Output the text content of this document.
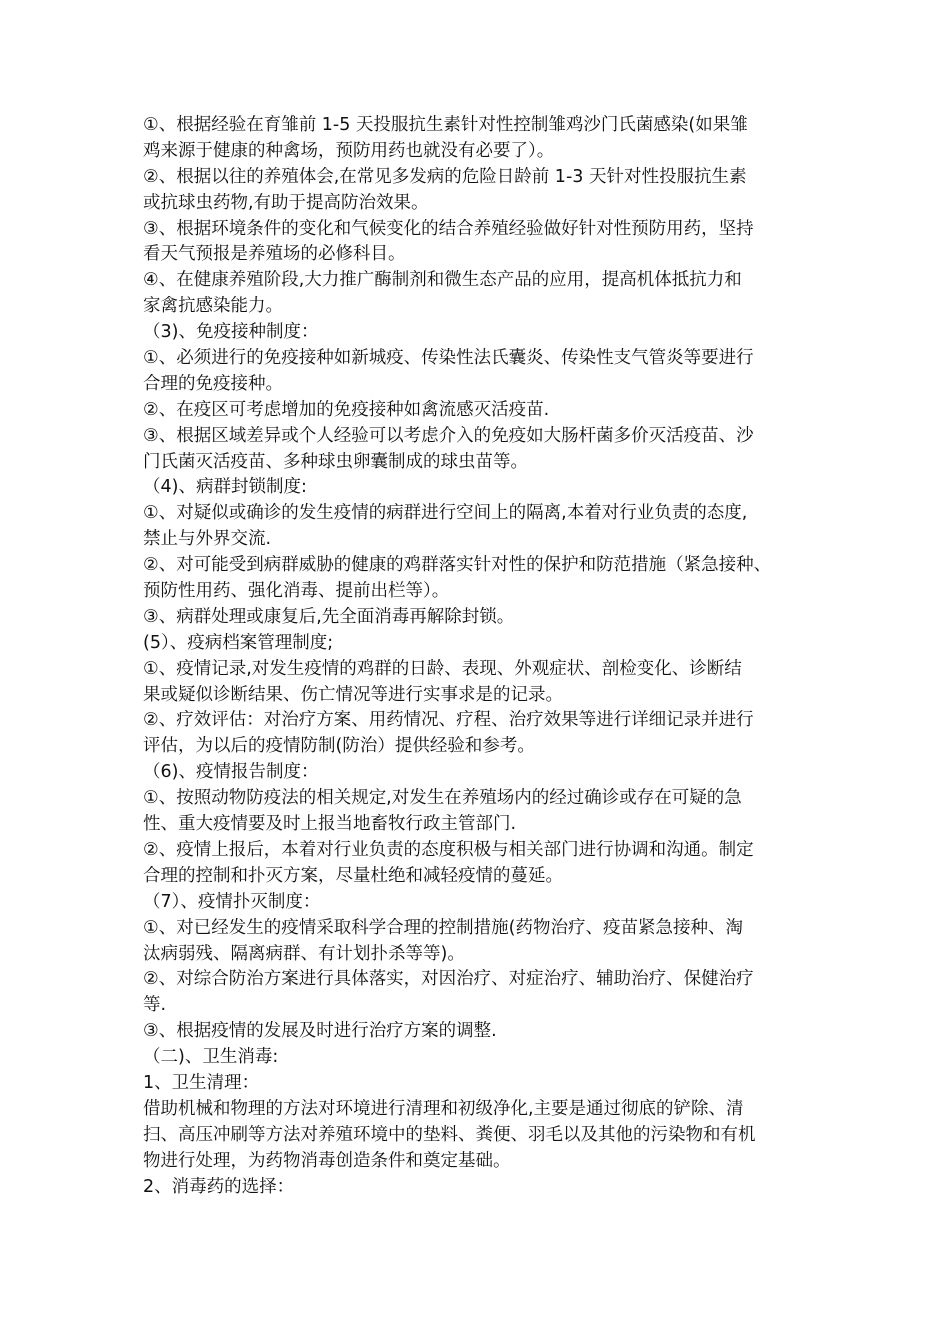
①、根据经验在育雏前 1-5 天投服抗生素针对性控制雏鸡沙门氏菌感染(如果雏
鸡来源于健康的种禽场，预防用药也就没有必要了）。
②、根据以往的养殖体会,在常见多发病的危险日龄前 1-3 天针对性投服抗生素
或抗球虫药物,有助于提高防治效果。
③、根据环境条件的变化和气候变化的结合养殖经验做好针对性预防用药，坚持
看天气预报是养殖场的必修科目。
④、在健康养殖阶段,大力推广酶制剂和微生态产品的应用，提高机体抵抗力和
家禽抗感染能力。
（3)、免疫接种制度：
①、必须进行的免疫接种如新城疫、传染性法氏囊炎、传染性支气管炎等要进行
合理的免疫接种。
②、在疫区可考虑增加的免疫接种如禽流感灭活疫苗.
③、根据区域差异或个人经验可以考虑介入的免疫如大肠杆菌多价灭活疫苗、沙
门氏菌灭活疫苗、多种球虫卵囊制成的球虫苗等。
（4)、病群封锁制度:
①、对疑似或确诊的发生疫情的病群进行空间上的隔离,本着对行业负责的态度,
禁止与外界交流.
②、对可能受到病群威胁的健康的鸡群落实针对性的保护和防范措施（紧急接种、
预防性用药、强化消毒、提前出栏等）。
③、病群处理或康复后,先全面消毒再解除封锁。
(5）、疫病档案管理制度;
①、疫情记录,对发生疫情的鸡群的日龄、表现、外观症状、剖检变化、诊断结
果或疑似诊断结果、伤亡情况等进行实事求是的记录。
②、疗效评估：对治疗方案、用药情况、疗程、治疗效果等进行详细记录并进行
评估，为以后的疫情防制(防治）提供经验和参考。
（6)、疫情报告制度：
①、按照动物防疫法的相关规定,对发生在养殖场内的经过确诊或存在可疑的急
性、重大疫情要及时上报当地畜牧行政主管部门.
②、疫情上报后，本着对行业负责的态度积极与相关部门进行协调和沟通。制定
合理的控制和扑灭方案，尽量杜绝和减轻疫情的蔓延。
（7）、疫情扑灭制度：
①、对已经发生的疫情采取科学合理的控制措施(药物治疗、疫苗紧急接种、淘
汰病弱残、隔离病群、有计划扑杀等等)。
②、对综合防治方案进行具体落实，对因治疗、对症治疗、辅助治疗、保健治疗
等.
③、根据疫情的发展及时进行治疗方案的调整.
（二)、卫生消毒:
1、卫生清理：
借助机械和物理的方法对环境进行清理和初级净化,主要是通过彻底的铲除、清
扫、高压冲刷等方法对养殖环境中的垫料、粪便、羽毛以及其他的污染物和有机
物进行处理，为药物消毒创造条件和奠定基础。
2、消毒药的选择：
